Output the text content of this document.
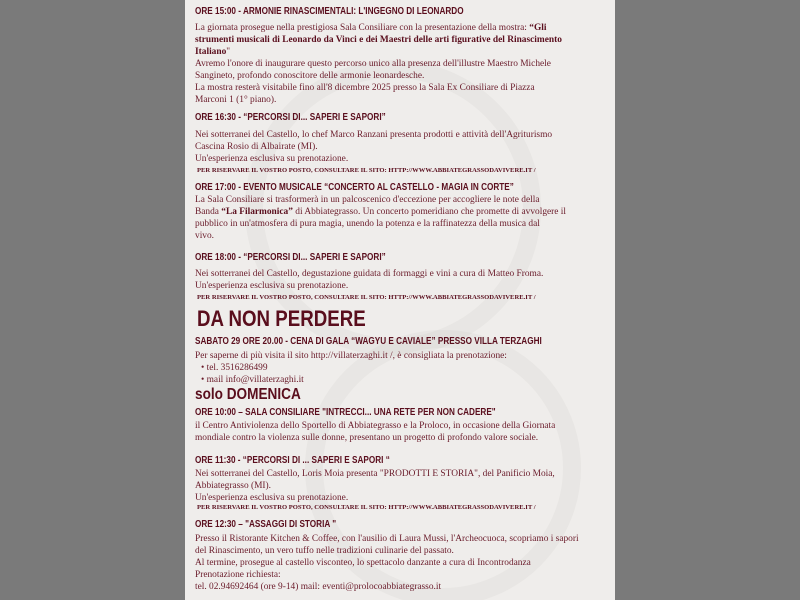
ORE 15:00 - ARMONIE RINASCIMENTALI: L'INGEGNO DI LEONARDO
La giornata prosegue nella prestigiosa Sala Consiliare con la presentazione della mostra: “Gli
strumenti musicali di Leonardo da Vinci e dei Maestri delle arti figurative del Rinascimento
Italiano"
Avremo l'onore di inaugurare questo percorso unico alla presenza dell'illustre Maestro Michele
Sangineto, profondo conoscitore delle armonie leonardesche.
La mostra resterà visitabile fino all'8 dicembre 2025 presso la Sala Ex Consiliare di Piazza
Marconi 1 (1° piano).
ORE 16:30 - “PERCORSI DI... SAPERI E SAPORI”
Nei sotterranei del Castello, lo chef Marco Ranzani presenta prodotti e attività dell'Agriturismo
Cascina Rosio di Albairate (MI).
Un'esperienza esclusiva su prenotazione.
PER RISERVARE IL VOSTRO POSTO, CONSULTARE IL SITO: HTTP://WWW.ABBIATEGRASSODAVIVERE.IT /
ORE 17:00 - EVENTO MUSICALE “CONCERTO AL CASTELLO - MAGIA IN CORTE”
La Sala Consiliare si trasformerà in un palcoscenico d'eccezione per accogliere le note della
Banda “La Filarmonica” di Abbiategrasso. Un concerto pomeridiano che promette di avvolgere il
pubblico in un'atmosfera di pura magia, unendo la potenza e la raffinatezza della musica dal
vivo.
ORE 18:00 - “PERCORSI DI... SAPERI E SAPORI”
Nei sotterranei del Castello, degustazione guidata di formaggi e vini a cura di Matteo Froma.
Un'esperienza esclusiva su prenotazione.
PER RISERVARE IL VOSTRO POSTO, CONSULTARE IL SITO: HTTP://WWW.ABBIATEGRASSODAVIVERE.IT /
DA NON PERDERE
SABATO 29 ORE 20.00 - CENA DI GALA “WAGYU E CAVIALE” PRESSO VILLA TERZAGHI
Per saperne di più visita il sito http://villaterzaghi.it /, è consigliata la prenotazione:
• tel. 3516286499
• mail info@villaterzaghi.it
solo DOMENICA
ORE 10:00 – SALA CONSILIARE "INTRECCI... UNA RETE PER NON CADERE"
il Centro Antiviolenza dello Sportello di Abbiategrasso e la Proloco, in occasione della Giornata
mondiale contro la violenza sulle donne, presentano un progetto di profondo valore sociale.
ORE 11:30 - “PERCORSI DI ... SAPERI E SAPORI “
Nei sotterranei del Castello, Loris Moia presenta "PRODOTTI E STORIA", del Panificio Moia,
Abbiategrasso (MI).
Un'esperienza esclusiva su prenotazione.
PER RISERVARE IL VOSTRO POSTO, CONSULTARE IL SITO: HTTP://WWW.ABBIATEGRASSODAVIVERE.IT /
ORE 12:30 – "ASSAGGI DI STORIA "
Presso il Ristorante Kitchen & Coffee, con l'ausilio di Laura Mussi, l'Archeocuoca, scopriamo i sapori
del Rinascimento, un vero tuffo nelle tradizioni culinarie del passato.
Al termine, prosegue al castello visconteo, lo spettacolo danzante a cura di Incontrodanza
Prenotazione richiesta:
tel. 02.94692464 (ore 9-14) mail: eventi@prolocoabbiategrasso.it
